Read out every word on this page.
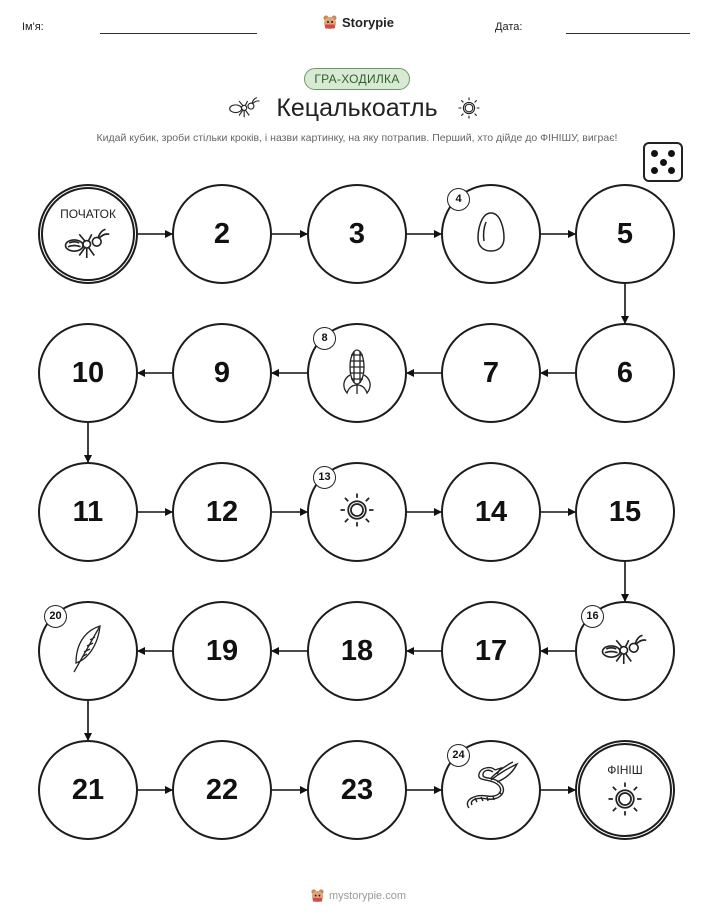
Ім'я:	Storypie	Дата:
ГРА-ХОДИЛКА
Кецалькоатль
Кидай кубик, зроби стільки кроків, і назви картинку, на яку потрапив. Перший, хто дійде до ФІНІШУ, виграє!
ПОЧАТОК
2	3
4
5
6
7
8
9
10
11	12
13
14	15
16
17
18
19
20
21	22	23
24
ФІНІШ
mystorypie.com
